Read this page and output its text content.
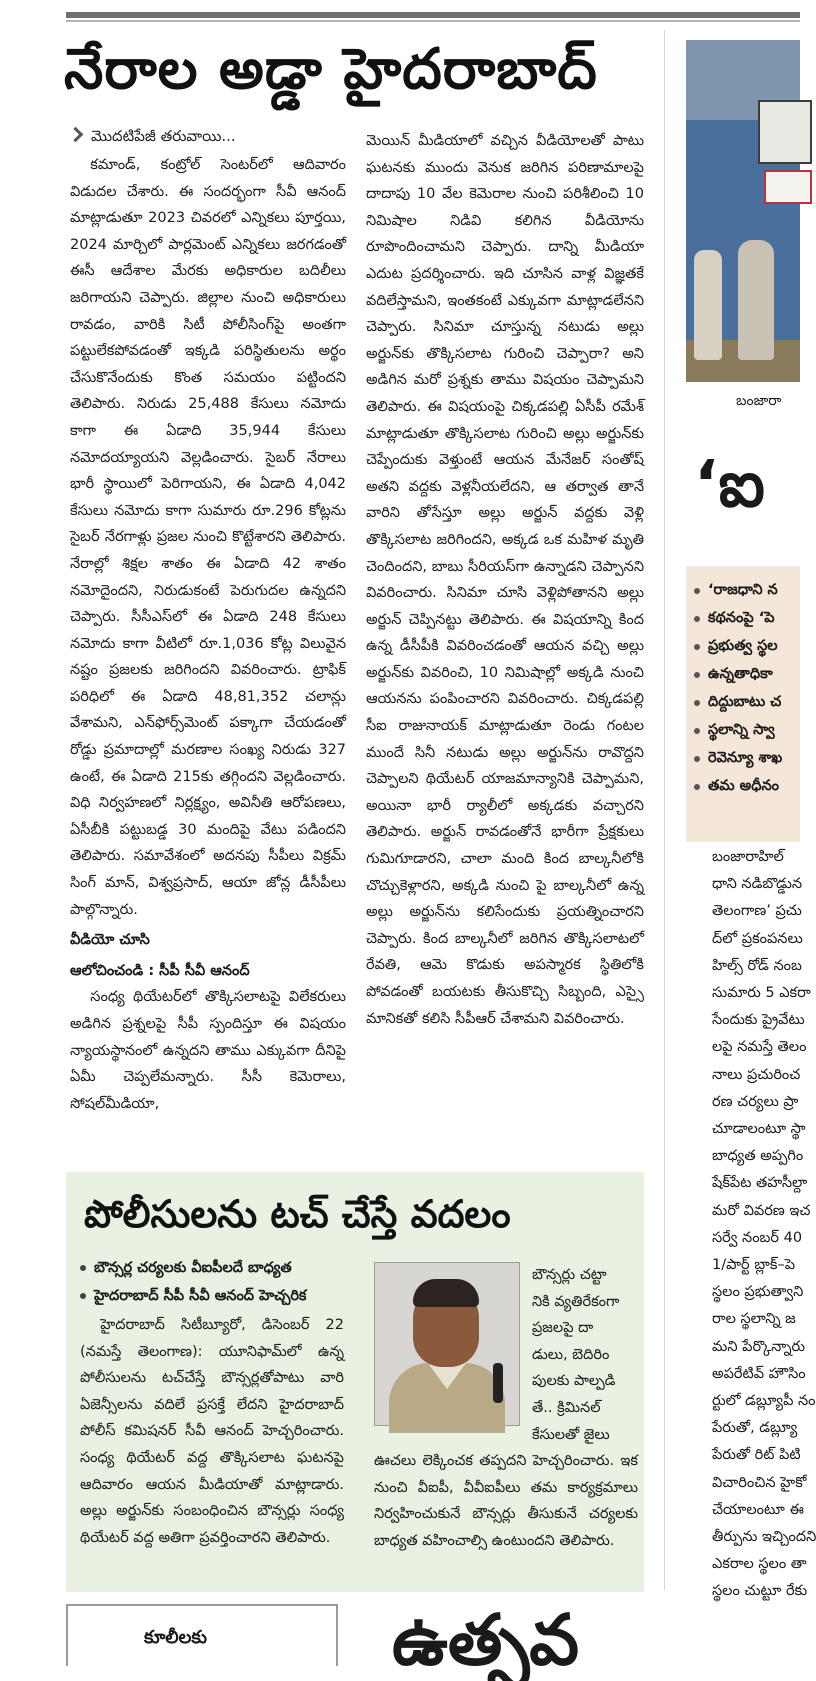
నేరాల అడ్డా హైదరాబాద్
మొదటిపేజీ తరువాయి...

కమాండ్, కంట్రోల్ సెంటర్‌లో ఆదివారం విడుదల చేశారు. ఈ సందర్భంగా సీవీ ఆనంద్ మాట్లాడుతూ 2023 చివరలో ఎన్నికలు పూర్తయి, 2024 మార్చిలో పార్లమెంట్ ఎన్నికలు జరగడంతో ఈసీ ఆదేశాల మేరకు అధికారుల బదిలీలు జరిగాయని చెప్పారు. జిల్లాల నుంచి అధికారులు రావడం, వారికి సిటీ పోలీసింగ్‌పై అంతగా పట్టులేకపోవడంతో ఇక్కడి పరిస్థితులను అర్థం చేసుకొనేందుకు కొంత సమయం పట్టిందని తెలిపారు. నిరుడు 25,488 కేసులు నమోదు కాగా ఈ ఏడాది 35,944 కేసులు నమోదయ్యాయని వెల్లడించారు. సైబర్ నేరాలు భారీ స్థాయిలో పెరిగాయని, ఈ ఏడాది 4,042 కేసులు నమోదు కాగా సుమారు రూ.296 కోట్లను సైబర్ నేరగాళ్లు ప్రజల నుంచి కొట్టేశారని తెలిపారు. నేరాల్లో శిక్షల శాతం ఈ ఏడాది 42 శాతం నమోదైందని, నిరుడుకంటే పెరుగుదల ఉన్నదని చెప్పారు. సీసీఎస్‌లో ఈ ఏడాది 248 కేసులు నమోదు కాగా వీటిలో రూ.1,036 కోట్ల విలువైన నష్టం ప్రజలకు జరిగిందని వివరించారు. ట్రాఫిక్ పరిధిలో ఈ ఏడాది 48,81,352 చలాన్లు వేశామని, ఎన్‌ఫోర్స్‌మెంట్ పక్కాగా చేయడంతో రోడ్డు ప్రమాదాల్లో మరణాల సంఖ్య నిరుడు 327 ఉంటే, ఈ ఏడాది 215కు తగ్గిందని వెల్లడించారు. విధి నిర్వహణలో నిర్లక్ష్యం, అవినీతి ఆరోపణలు, ఏసీబీకి పట్టుబడ్డ 30 మందిపై వేటు పడిందని తెలిపారు. సమావేశంలో అదనపు సీపీలు విక్రమ్ సింగ్ మాన్, విశ్వప్రసాద్, ఆయా జోన్ల డీసీపీలు పాల్గొన్నారు.

వీడియో చూసి

ఆలోచించండి : సీపీ సీవీ ఆనంద్

సంధ్య థియేటర్‌లో తొక్కిసలాటపై విలేకరులు అడిగిన ప్రశ్నలపై సీపీ స్పందిస్తూ ఈ విషయం న్యాయస్థానంలో ఉన్నదని తాము ఎక్కువగా దీనిపై ఏమీ చెప్పలేమన్నారు. సీసీ కెమెరాలు, సోషల్‌మీడియా,

మెయిన్ మీడియాలో వచ్చిన వీడియోలతో పాటు ఘటనకు ముందు వెనుక జరిగిన పరిణామాలపై దాదాపు 10 వేల కెమెరాల నుంచి పరిశీలించి 10 నిమిషాల నిడివి కలిగిన వీడియోను రూపొందించామని చెప్పారు. దాన్ని మీడియా ఎదుట ప్రదర్శించారు. ఇది చూసిన వాళ్ల విజ్ఞతకే వదిలేస్తామని, ఇంతకంటే ఎక్కువగా మాట్లాడలేనని చెప్పారు. సినిమా చూస్తున్న నటుడు అల్లు అర్జున్‌కు తొక్కిసలాట గురించి చెప్పారా? అని అడిగిన మరో ప్రశ్నకు తాము విషయం చెప్పామని తెలిపారు. ఈ విషయంపై చిక్కడపల్లి ఏసీపీ రమేశ్ మాట్లాడుతూ తొక్కిసలాట గురించి అల్లు అర్జున్‌కు చెప్పేందుకు వెళ్తుంటే ఆయన మేనేజర్ సంతోష్ అతని వద్దకు వెళ్లనీయలేదని, ఆ తర్వాత తానే వారిని తోసేస్తూ అల్లు అర్జున్ వద్దకు వెళ్లి తొక్కిసలాట జరిగిందని, అక్కడ ఒక మహిళ మృతి చెందిందని, బాబు సీరియస్‌గా ఉన్నాడని చెప్పానని వివరించారు. సినిమా చూసి వెళ్లిపోతానని అల్లు అర్జున్ చెప్పినట్టు తెలిపారు. ఈ విషయాన్ని కింద ఉన్న డీసీపీకి వివరించడంతో ఆయన వచ్చి అల్లు అర్జున్‌కు వివరించి, 10 నిమిషాల్లో అక్కడి నుంచి ఆయనను పంపించారని వివరించారు. చిక్కడపల్లి సీఐ రాజునాయక్ మాట్లాడుతూ రెండు గంటల ముందే సినీ నటుడు అల్లు అర్జున్‌ను రావొద్దని చెప్పాలని థియేటర్ యాజమాన్యానికి చెప్పామని, అయినా భారీ ర్యాలీలో అక్కడకు వచ్చారని తెలిపారు. అర్జున్ రావడంతోనే భారీగా ప్రేక్షకులు గుమిగూడారని, చాలా మంది కింద బాల్కనీలోకి చొచ్చుకెళ్లారని, అక్కడి నుంచి పై బాల్కనీలో ఉన్న అల్లు అర్జున్‌ను కలిసేందుకు ప్రయత్నించారని చెప్పారు. కింద బాల్కనీలో జరిగిన తొక్కిసలాటలో రేవతి, ఆమె కొడుకు అపస్మారక స్థితిలోకి పోవడంతో బయటకు తీసుకొచ్చి సిబ్బంది, ఎస్సై మానికతో కలిసి సీపీఆర్ చేశామని వివరించారు.

బంజారా
‘ఐ
‘రాజధాని న
కథనంపై ‘పె
ప్రభుత్వ స్థల
ఉన్నతాధికా
దిద్దుబాటు చ
స్థలాన్ని స్వా
రెవెన్యూ శాఖ
తమ అధీనం
బంజారాహిల్
ధాని నడిబొడ్డున
తెలంగాణ’ ప్రచు
ద్‌లో ప్రకంపనలు
హిల్స్ రోడ్ నంబ
సుమారు 5 ఎకరా
సేందుకు ప్రైవేటు
లపై నమస్తే తెలం
నాలు ప్రచురించ
రణ చర్యలు ప్రా
చూడాలంటూ స్థా
బాధ్యత అప్పగిం
షేక్‌పేట తహసీల్దా
మరో వివరణ ఇచ
సర్వే నంబర్ 40
1/పార్ట్ బ్లాక్–పె
స్థలం ప్రభుత్వాని
రాల స్థలాన్ని జ
మని పేర్కొన్నారు
అపరేటివ్ హౌసిం
ర్టులో డబ్ల్యూపీ నం
పేరుతో, డబ్ల్యూ
పేరుతో రిట్ పిటి
విచారించిన హైకో
చేయాలంటూ ఈ
తీర్పును ఇచ్చిందని
ఎకరాల స్థలం తా
స్థలం చుట్టూ రేకు
పోలీసులను టచ్ చేస్తే వదలం
బౌన్సర్ల చర్యలకు వీఐపీలదే బాధ్యత
హైదరాబాద్ సీపీ సీవీ ఆనంద్ హెచ్చరిక

హైదరాబాద్ సిటీబ్యూరో, డిసెంబర్ 22 (నమస్తే తెలంగాణ): యూనిఫామ్‌లో ఉన్న పోలీసులను టచ్‌చేస్తే బౌన్సర్లతోపాటు వారి ఏజెన్సీలను వదిలే ప్రసక్తే లేదని హైదరాబాద్ పోలీస్ కమిషనర్ సీవీ ఆనంద్ హెచ్చరించారు. సంధ్య థియేటర్ వద్ద తొక్కిసలాట ఘటనపై ఆదివారం ఆయన మీడియాతో మాట్లాడారు. అల్లు అర్జున్‌కు సంబంధించిన బౌన్సర్లు సంధ్య థియేటర్ వద్ద అతిగా ప్రవర్తించారని తెలిపారు.

బౌన్సర్లు చట్టా
నికి వ్యతిరేకంగా
ప్రజలపై దా
డులు, బెదిరిం
పులకు పాల్పడి
తే.. క్రిమినల్
కేసులతో జైలు
ఊచలు లెక్కించక తప్పదని హెచ్చరించారు. ఇక నుంచి వీఐపీ, వీవీఐపీలు తమ కార్యక్రమాలు నిర్వహించుకునే బౌన్సర్లు తీసుకునే చర్యలకు బాధ్యత వహించాల్సి ఉంటుందని తెలిపారు.
కూలీలకు	ఉత్సవ
